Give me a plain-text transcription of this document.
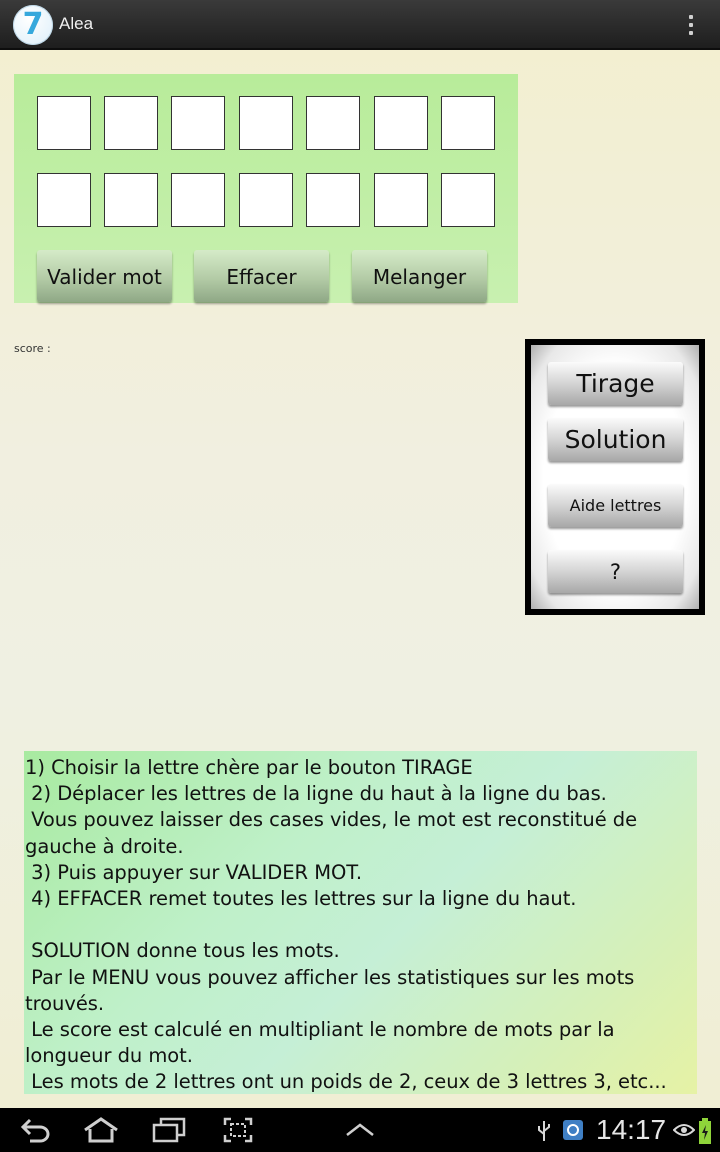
7 Alea
Valider mot	Effacer	Melanger
score :
Tirage
Solution
Aide lettres
?
1) Choisir la lettre chère par le bouton TIRAGE
2) Déplacer les lettres de la ligne du haut à la ligne du bas.
Vous pouvez laisser des cases vides, le mot est reconstitué de
gauche à droite.
3) Puis appuyer sur VALIDER MOT.
4) EFFACER remet toutes les lettres sur la ligne du haut.
SOLUTION donne tous les mots.
Par le MENU vous pouvez afficher les statistiques sur les mots
trouvés.
Le score est calculé en multipliant le nombre de mots par la
longueur du mot.
Les mots de 2 lettres ont un poids de 2, ceux de 3 lettres 3, etc...
14:17
